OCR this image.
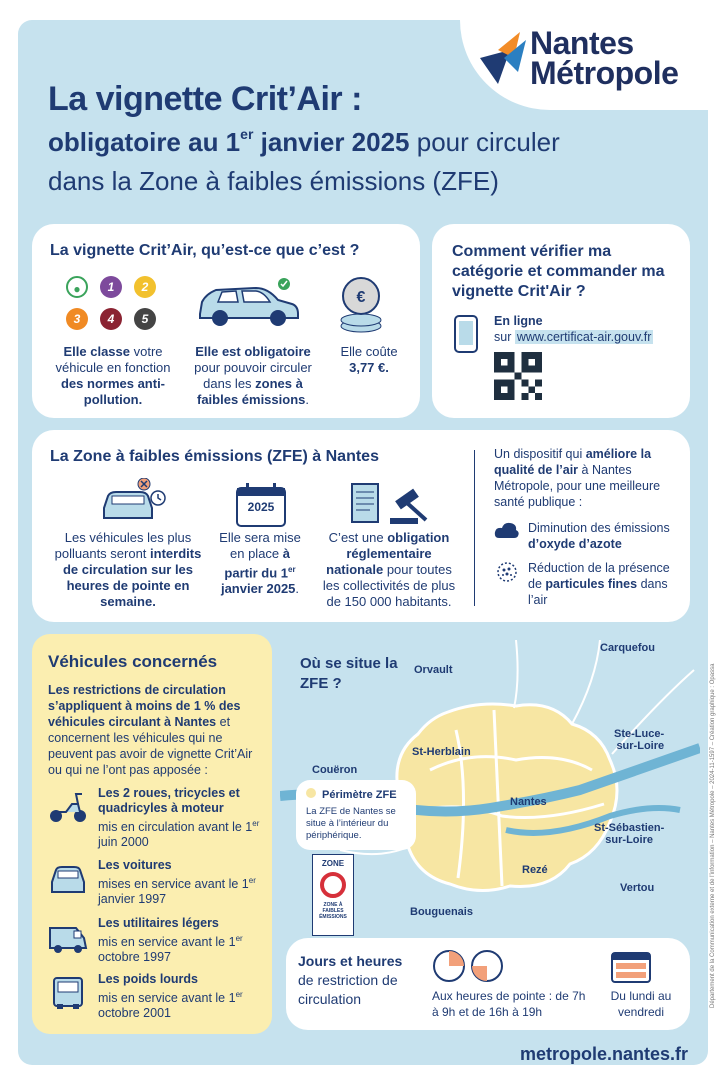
Nantes
Métropole
La vignette Crit’Air :
obligatoire au 1er janvier 2025 pour circuler
dans la Zone à faibles émissions (ZFE)
La vignette Crit’Air, qu’est-ce que c’est ?
●	1	2
3	4	5
€
Elle classe votre véhicule en fonction des normes anti-pollution.
Elle est obligatoire pour pouvoir circuler dans les zones à faibles émissions.
Elle coûte
3,77 €.
Comment vérifier ma catégorie et commander ma vignette Crit'Air ?
En ligne
sur www.certificat-air.gouv.fr
La Zone à faibles émissions (ZFE) à Nantes
2025
Les véhicules les plus polluants seront interdits de circulation sur les heures de pointe en semaine.
Elle sera mise en place à partir du 1er janvier 2025.
C’est une obligation réglementaire nationale pour toutes les collectivités de plus de 150 000 habitants.
Un dispositif qui améliore la qualité de l’air à Nantes Métropole, pour une meilleure santé publique :
Diminution des émissions d’oxyde d’azote
Réduction de la présence de particules fines dans l’air
Véhicules concernés
Les restrictions de circulation s’appliquent à moins de 1 % des véhicules circulant à Nantes et concernent les véhicules qui ne peuvent pas avoir de vignette Crit’Air ou qui ne l’ont pas apposée :
Les 2 roues, tricycles et quadricyles à moteur
mis en circulation avant le 1er juin 2000
Les voitures
mises en service avant le 1er janvier 1997
Les utilitaires légers
mis en service avant le 1er octobre 1997
Les poids lourds
mis en service avant le 1er octobre 2001
Où se situe la ZFE ?
Carquefou
Orvault
Ste-Luce-
sur-Loire
St-Herblain
Couëron
Nantes
St-Sébastien-
sur-Loire
Rezé
Vertou
Bouguenais
Périmètre ZFE
La ZFE de Nantes se situe à l’intérieur du périphérique.
ZONE
ZONE À FAIBLES ÉMISSIONS
Jours et heures
de restriction de circulation	Aux heures de pointe : de 7h à 9h et de 16h à 19h
Du lundi au vendredi
metropole.nantes.fr
Département de la Communication externe et de l’information – Nantes Métropole – 2024-11-1597 – Création graphique : Opassa
